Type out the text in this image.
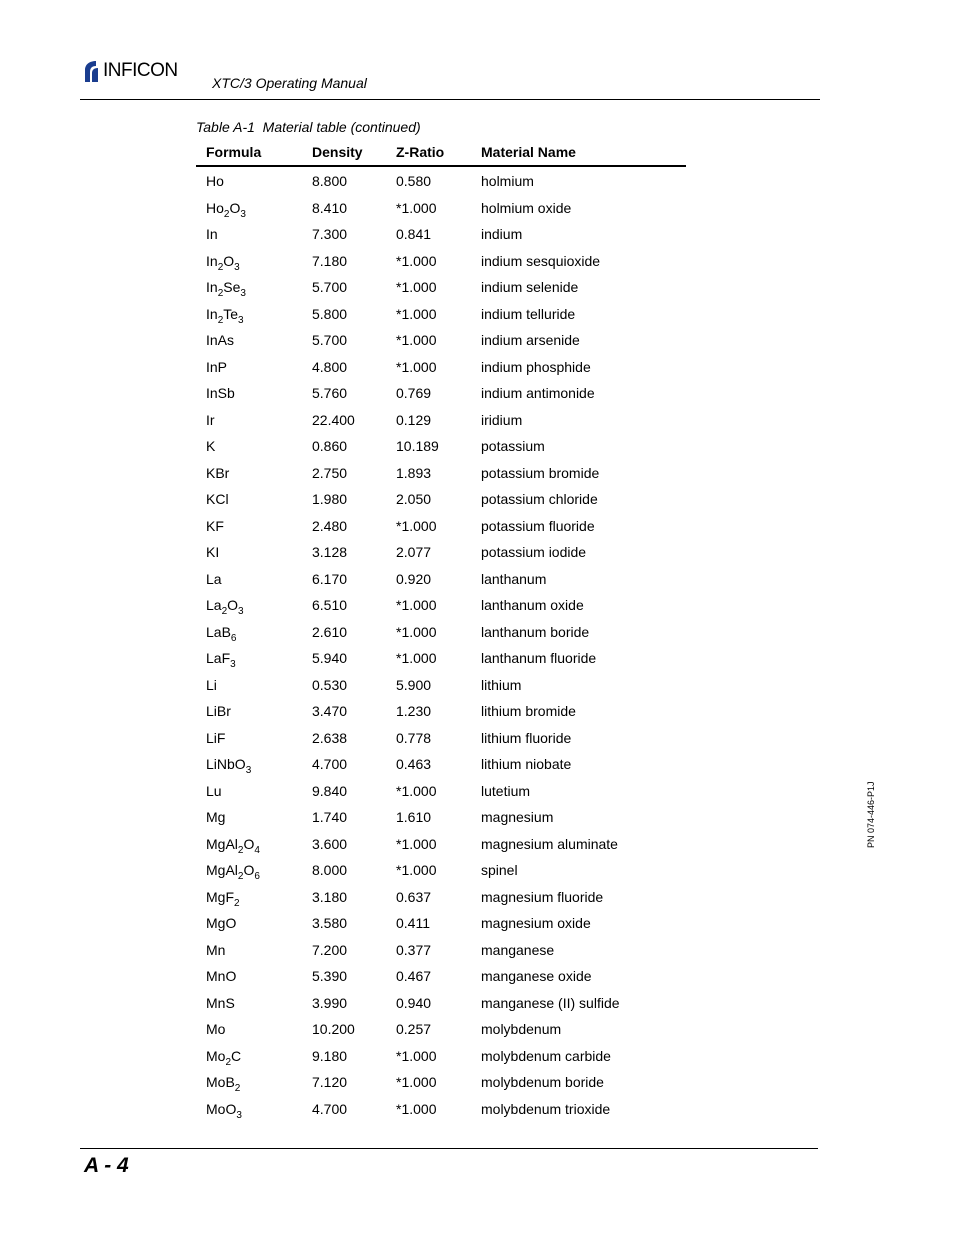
INFICON
XTC/3 Operating Manual
Table A-1  Material table (continued)
Formula	Density	Z-Ratio	Material Name
Ho	8.800	0.580	holmium
$Ho_2O_3$	8.410	*1.000	holmium oxide
In	7.300	0.841	indium
$In_2O_3$	7.180	*1.000	indium sesquioxide
$In_2Se_3$	5.700	*1.000	indium selenide
$In_2Te_3$	5.800	*1.000	indium telluride
InAs	5.700	*1.000	indium arsenide
InP	4.800	*1.000	indium phosphide
InSb	5.760	0.769	indium antimonide
Ir	22.400	0.129	iridium
K	0.860	10.189	potassium
KBr	2.750	1.893	potassium bromide
KCl	1.980	2.050	potassium chloride
KF	2.480	*1.000	potassium fluoride
KI	3.128	2.077	potassium iodide
La	6.170	0.920	lanthanum
$La_2O_3$	6.510	*1.000	lanthanum oxide
LaB$_6$	2.610	*1.000	lanthanum boride
LaF$_3$	5.940	*1.000	lanthanum fluoride
Li	0.530	5.900	lithium
LiBr	3.470	1.230	lithium bromide
LiF	2.638	0.778	lithium fluoride
LiNbO$_3$	4.700	0.463	lithium niobate
Lu	9.840	*1.000	lutetium
Mg	1.740	1.610	magnesium
$MgAl_2O_4$	3.600	*1.000	magnesium aluminate
$MgAl_2O_6$	8.000	*1.000	spinel
MgF$_2$	3.180	0.637	magnesium fluoride
MgO	3.580	0.411	magnesium oxide
Mn	7.200	0.377	manganese
MnO	5.390	0.467	manganese oxide
MnS	3.990	0.940	manganese (II) sulfide
Mo	10.200	0.257	molybdenum
$Mo_2C$	9.180	*1.000	molybdenum carbide
MoB$_2$	7.120	*1.000	molybdenum boride
MoO$_3$	4.700	*1.000	molybdenum trioxide
PN 074-446-P1J
A - 4
